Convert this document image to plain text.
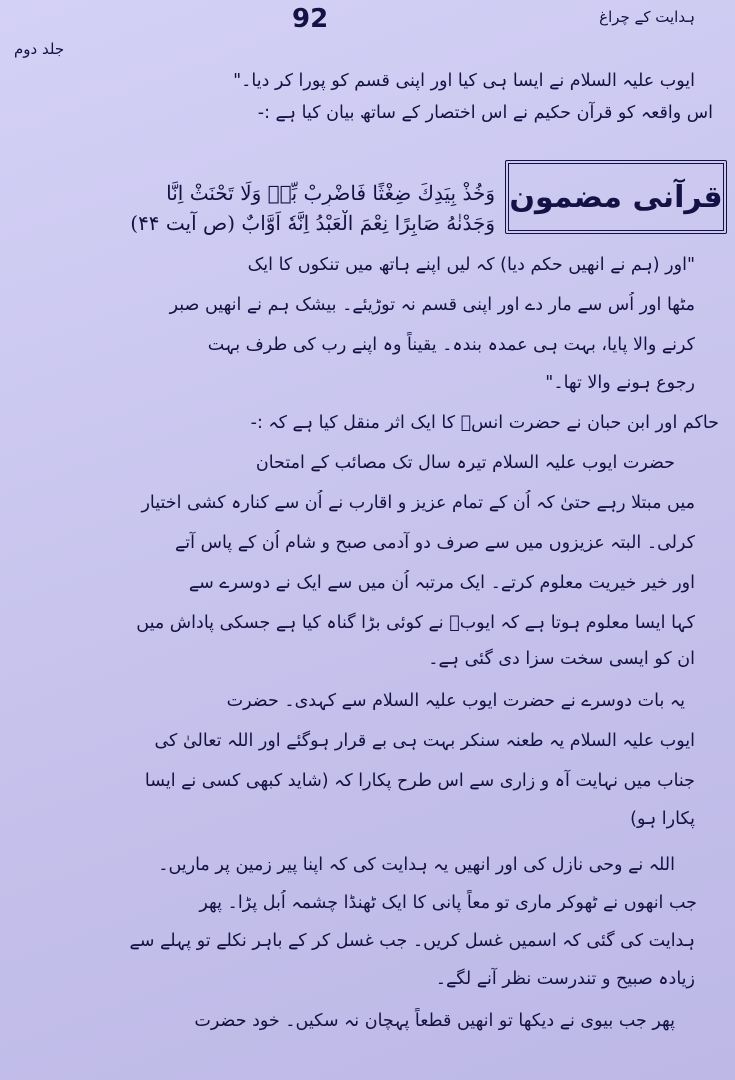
جلد دوم
92	ہدایت کے چراغ
قرآنی مضمون
ایوب علیہ السلام نے ایسا ہی کیا اور اپنی قسم کو پورا کر دیا۔"
اس واقعہ کو قرآن حکیم نے اس اختصار کے ساتھ بیان کیا ہے :-
وَخُذْ بِیَدِكَ ضِغْثًا فَاضْرِبْ بِّهٖ وَلَا تَحْنَثْ اِنَّا
وَجَدْنٰهُ صَابِرًا نِعْمَ الْعَبْدُ اِنَّهٗ اَوَّابٌ (ص آیت ۴۴)
"اور (ہم نے انھیں حکم دیا) کہ لیں اپنے ہاتھ میں تنکوں کا ایک
مٹھا اور اُس سے مار دے اور اپنی قسم نہ توڑیئے۔ بیشک ہم نے انھیں صبر
کرنے والا پایا، بہت ہی عمدہ بندہ۔ یقیناً وہ اپنے رب کی طرف بہت
رجوع ہونے والا تھا۔"
حاکم اور ابن حبان نے حضرت انسؓ کا ایک اثر منقل کیا ہے کہ :-
حضرت ایوب علیہ السلام تیرہ سال تک مصائب کے امتحان
میں مبتلا رہے حتیٰ کہ اُن کے تمام عزیز و اقارب نے اُن سے کنارہ کشی اختیار
کرلی۔ البتہ عزیزوں میں سے صرف دو آدمی صبح و شام اُن کے پاس آتے
اور خیر خیریت معلوم کرتے۔ ایک مرتبہ اُن میں سے ایک نے دوسرے سے
کہا ایسا معلوم ہوتا ہے کہ ایوبؑ نے کوئی بڑا گناہ کیا ہے جسکی پاداش میں
ان کو ایسی سخت سزا دی گئی ہے۔
یہ بات دوسرے نے حضرت ایوب علیہ السلام سے کہدی۔ حضرت
ایوب علیہ السلام یہ طعنہ سنکر بہت ہی بے قرار ہوگئے اور اللہ تعالیٰ کی
جناب میں نہایت آہ و زاری سے اس طرح پکارا کہ (شاید کبھی کسی نے ایسا
پکارا ہو)
اللہ نے وحی نازل کی اور انھیں یہ ہدایت کی کہ اپنا پیر زمین پر ماریں۔
جب انھوں نے ٹھوکر ماری تو معاً پانی کا ایک ٹھنڈا چشمہ اُبل پڑا۔ پھر
ہدایت کی گئی کہ اسمیں غسل کریں۔ جب غسل کر کے باہر نکلے تو پہلے سے
زیادہ صبیح و تندرست نظر آنے لگے۔
پھر جب بیوی نے دیکھا تو انھیں قطعاً پہچان نہ سکیں۔ خود حضرت
